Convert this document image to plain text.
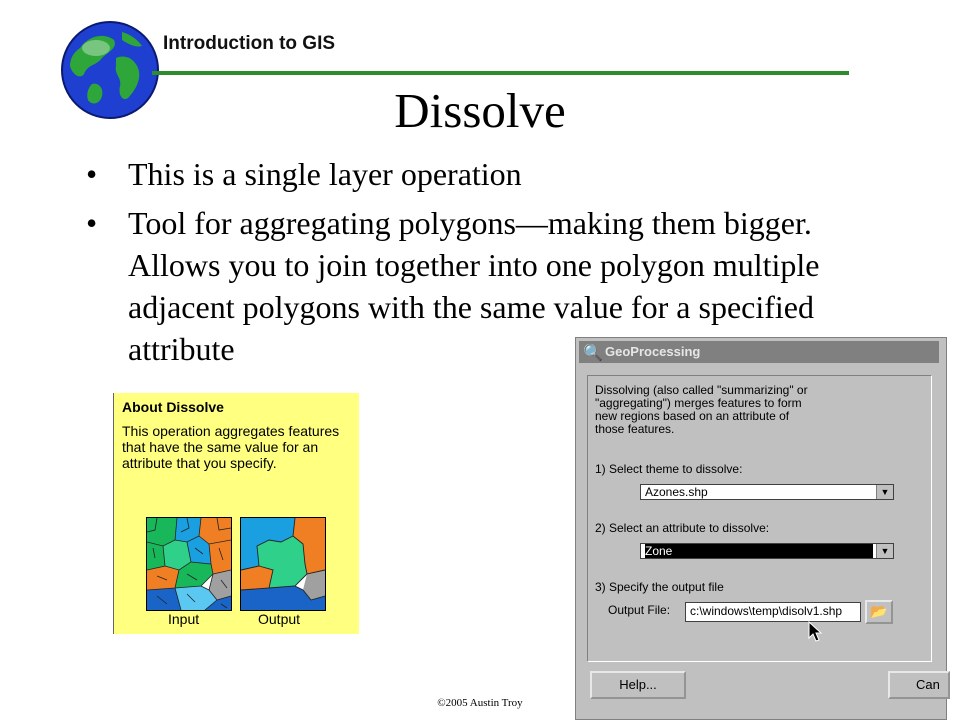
Introduction to GIS
Dissolve
• This is a single layer operation
• Tool for aggregating polygons—making them bigger. Allows you to join together into one polygon multiple adjacent polygons with the same value for a specified attribute
About Dissolve
This operation aggregates features that have the same value for an attribute that you specify.
Input	Output
🔍 GeoProcessing
Dissolving (also called "summarizing" or "aggregating") merges features to form new regions based on an attribute of those features.
1) Select theme to dissolve:
Azones.shp	▼
2) Select an attribute to dissolve:
Zone	▼
3) Specify the output file
Output File:	c:\windows\temp\disolv1.shp	📂
Help...	Can
©2005 Austin Troy
